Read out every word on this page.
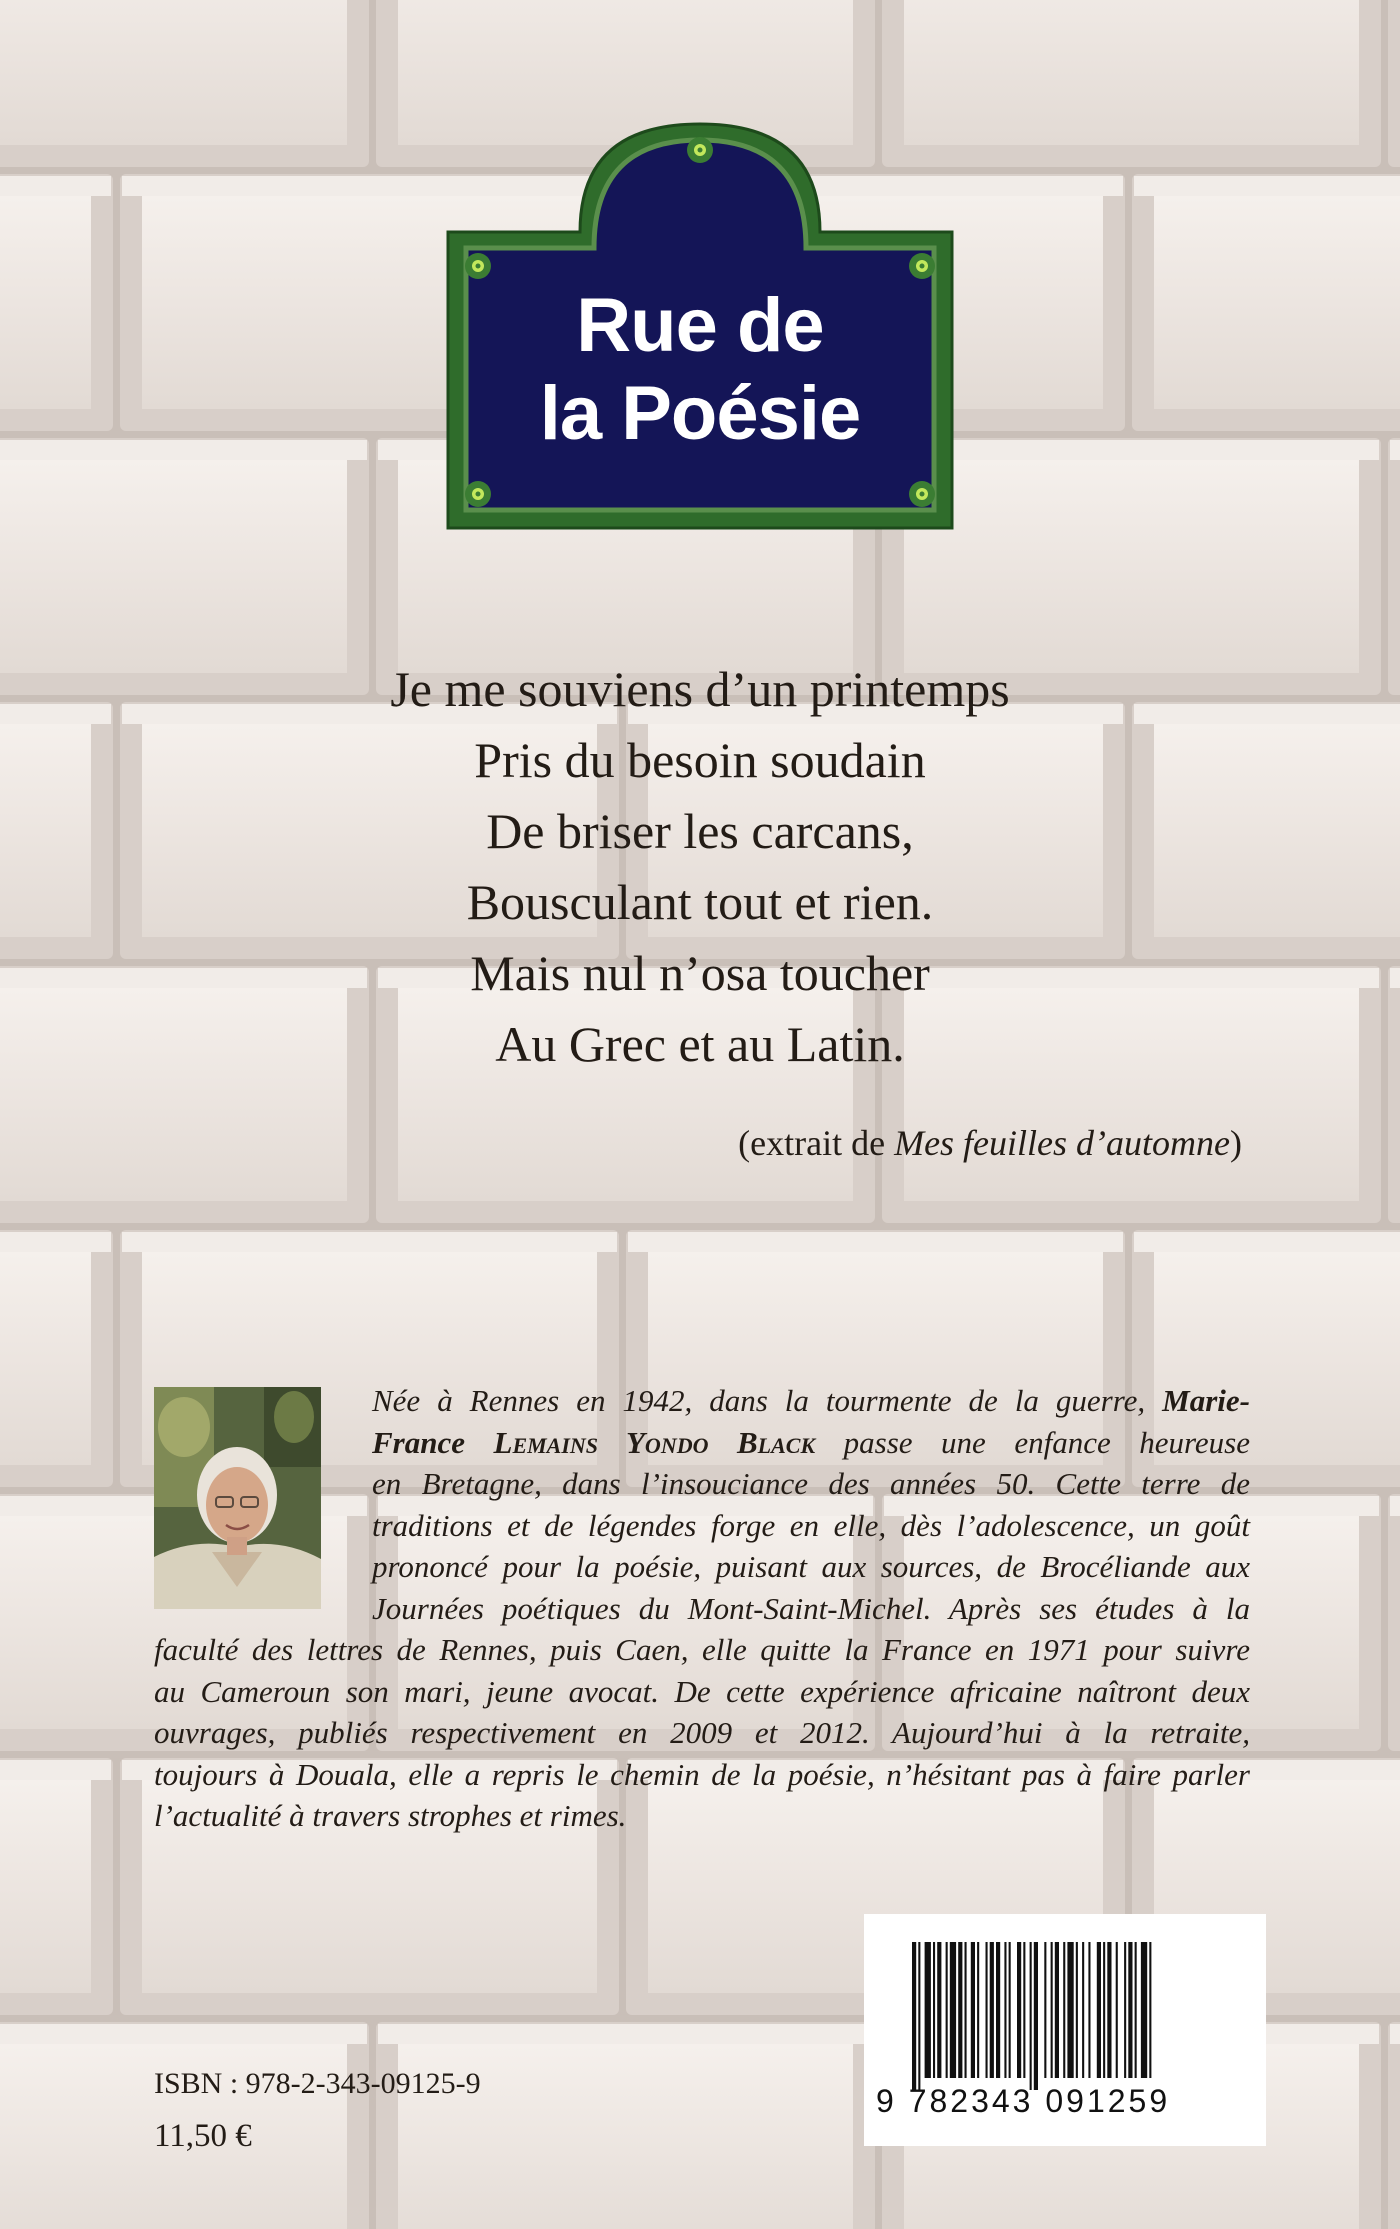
Rue de
la Poésie
Je me souviens d’un printemps
Pris du besoin soudain
De briser les carcans,
Bousculant tout et rien.
Mais nul n’osa toucher
Au Grec et au Latin.
(extrait de Mes feuilles d’automne)
Née à Rennes en 1942, dans la tourmente de la guerre, Marie-
France Lemains Yondo Black passe une enfance heureuse
en Bretagne, dans l’insouciance des années 50. Cette terre de
traditions et de légendes forge en elle, dès l’adolescence, un goût
prononcé pour la poésie, puisant aux sources, de Brocéliande aux
Journées poétiques du Mont-Saint-Michel. Après ses études à la
faculté des lettres de Rennes, puis Caen, elle quitte la France en 1971 pour suivre
au Cameroun son mari, jeune avocat. De cette expérience africaine naîtront deux
ouvrages, publiés respectivement en 2009 et 2012. Aujourd’hui à la retraite,
toujours à Douala, elle a repris le chemin de la poésie, n’hésitant pas à faire parler
l’actualité à travers strophes et rimes.
9 782343 091259
ISBN : 978-2-343-09125-9
11,50 €
